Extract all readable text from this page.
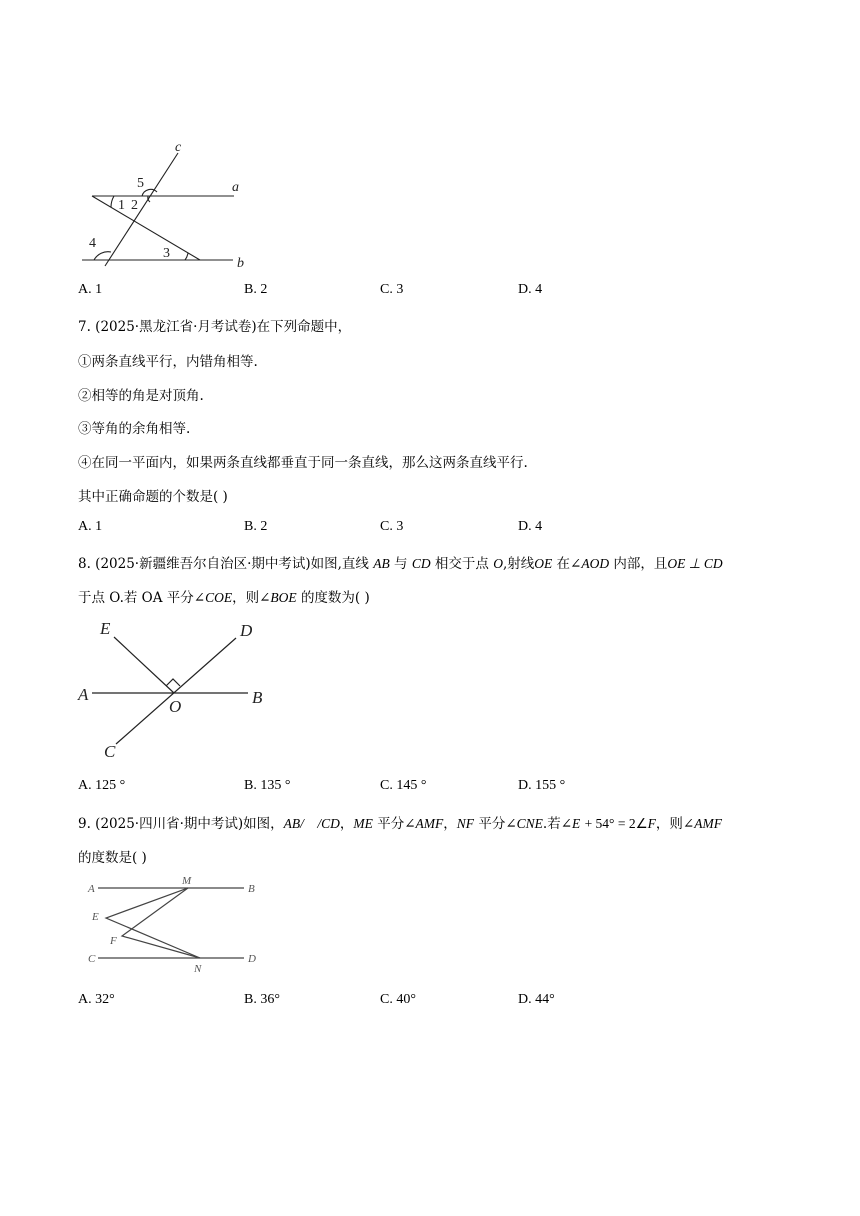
c
a
b
5
1 2
4
3
A. 1	B. 2	C. 3	D. 4
7. (2025·黑龙江省·月考试卷)在下列命题中，
①两条直线平行，内错角相等.
②相等的角是对顶角.
③等角的余角相等.
④在同一平面内，如果两条直线都垂直于同一条直线，那么这两条直线平行.
其中正确命题的个数是( )
A. 1	B. 2	C. 3	D. 4
8. (2025·新疆维吾尔自治区·期中考试)如图,直线 AB 与 CD 相交于点 O,射线OE 在∠AOD 内部，且OE ⊥ CD
于点 O.若 OA 平分∠COE，则∠BOE 的度数为( )
E	D
A
O	B
C
A. 125 °	B. 135 °	C. 145 °	D. 155 °
9. (2025·四川省·期中考试)如图，AB/    /CD，ME 平分∠AMF，NF 平分∠CNE.若∠E + 54° = 2∠F，则∠AMF
的度数是( )
A
M
B
E
F
C
N
D
A. 32°	B. 36°	C. 40°	D. 44°
